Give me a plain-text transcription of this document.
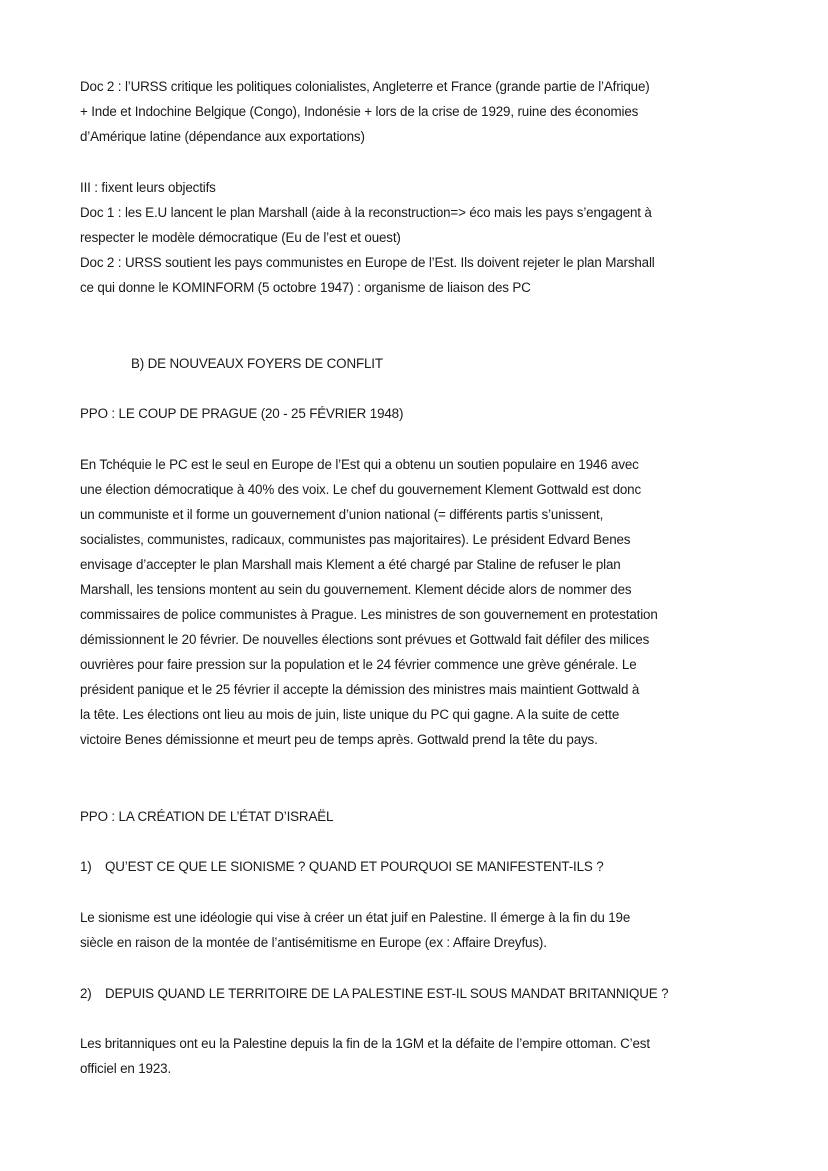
Doc 2 : l’URSS critique les politiques colonialistes, Angleterre et France (grande partie de l’Afrique)
+ Inde et Indochine Belgique (Congo), Indonésie + lors de la crise de 1929, ruine des économies
d’Amérique latine (dépendance aux exportations)
III : fixent leurs objectifs
Doc 1 : les E.U lancent le plan Marshall (aide à la reconstruction=> éco mais les pays s’engagent à
respecter le modèle démocratique (Eu de l’est et ouest)
Doc 2 : URSS soutient les pays communistes en Europe de l’Est. Ils doivent rejeter le plan Marshall
ce qui donne le KOMINFORM (5 octobre 1947) : organisme de liaison des PC
B) DE NOUVEAUX FOYERS DE CONFLIT
PPO : LE COUP DE PRAGUE (20 - 25 FÉVRIER 1948)
En Tchéquie le PC est le seul en Europe de l’Est qui a obtenu un soutien populaire en 1946 avec
une élection démocratique à 40% des voix. Le chef du gouvernement Klement Gottwald est donc
un communiste et il forme un gouvernement d’union national (= différents partis s’unissent,
socialistes, communistes, radicaux, communistes pas majoritaires). Le président Edvard Benes
envisage d’accepter le plan Marshall mais Klement a été chargé par Staline de refuser le plan
Marshall, les tensions montent au sein du gouvernement. Klement décide alors de nommer des
commissaires de police communistes à Prague. Les ministres de son gouvernement en protestation
démissionnent le 20 février. De nouvelles élections sont prévues et Gottwald fait défiler des milices
ouvrières pour faire pression sur la population et le 24 février commence une grève générale. Le
président panique et le 25 février il accepte la démission des ministres mais maintient Gottwald à
la tête. Les élections ont lieu au mois de juin, liste unique du PC qui gagne. A la suite de cette
victoire Benes démissionne et meurt peu de temps après. Gottwald prend la tête du pays.
PPO : LA CRÉATION DE L’ÉTAT D’ISRAËL
1) QU’EST CE QUE LE SIONISME ? QUAND ET POURQUOI SE MANIFESTENT-ILS ?
Le sionisme est une idéologie qui vise à créer un état juif en Palestine. Il émerge à la fin du 19e
siècle en raison de la montée de l’antisémitisme en Europe (ex : Affaire Dreyfus).
2) DEPUIS QUAND LE TERRITOIRE DE LA PALESTINE EST-IL SOUS MANDAT BRITANNIQUE ?
Les britanniques ont eu la Palestine depuis la fin de la 1GM et la défaite de l’empire ottoman. C’est
officiel en 1923.
